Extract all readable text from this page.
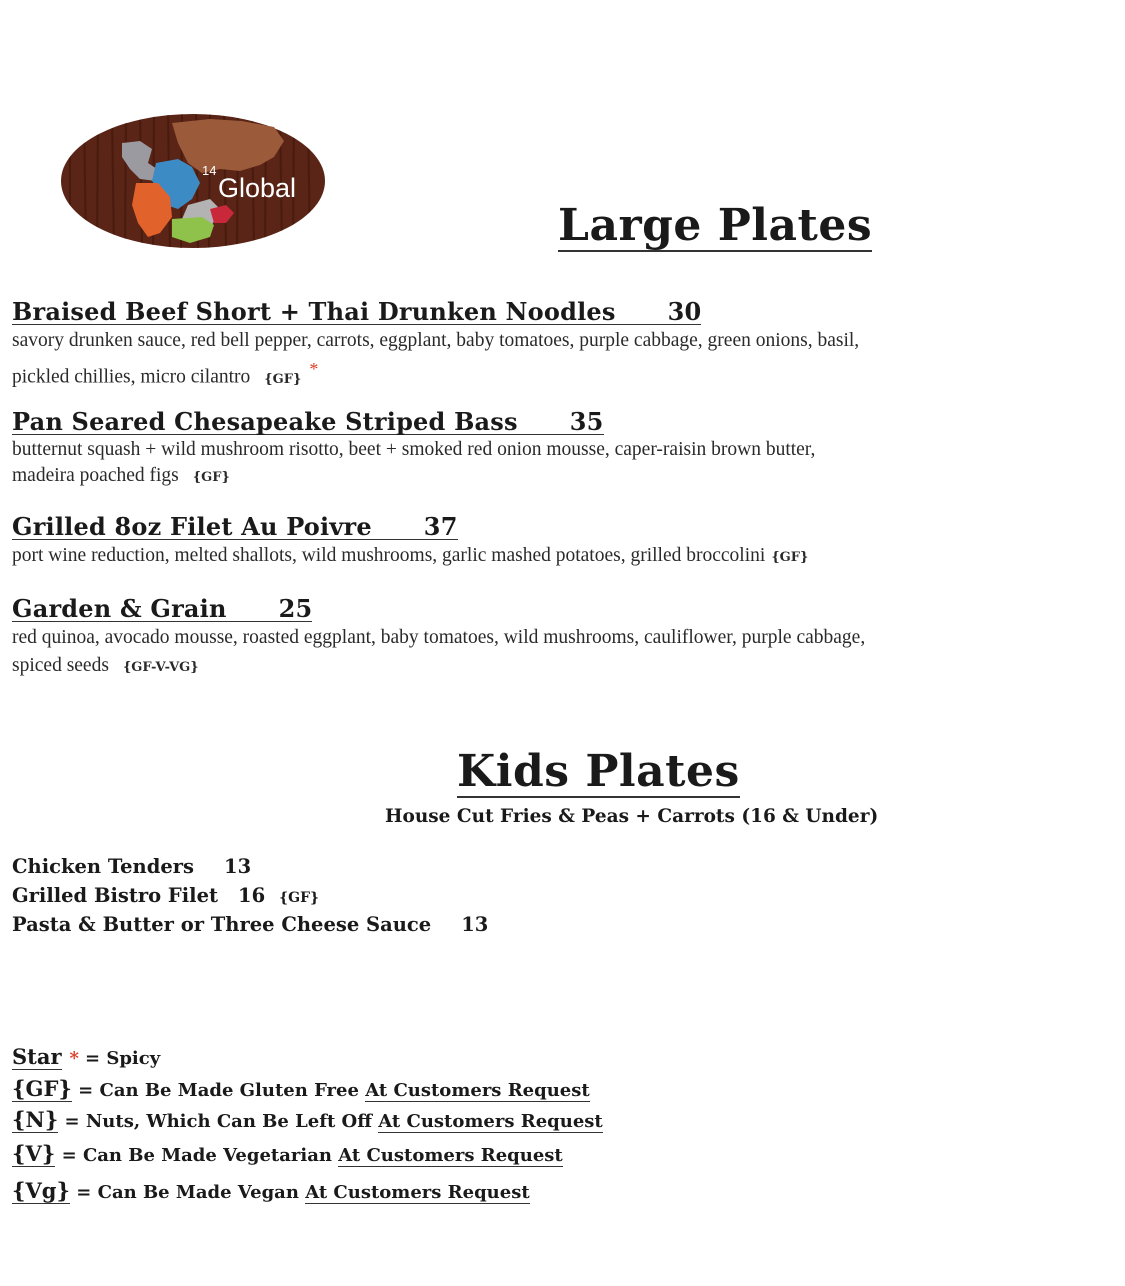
14
Global
Large Plates
Braised Beef Short + Thai Drunken Noodles 30
savory drunken sauce, red bell pepper, carrots, eggplant, baby tomatoes, purple cabbage, green onions, basil,
pickled chillies, micro cilantro {GF} *
Pan Seared Chesapeake Striped Bass 35
butternut squash + wild mushroom risotto, beet + smoked red onion mousse, caper-raisin brown butter,
madeira poached figs {GF}
Grilled 8oz Filet Au Poivre 37
port wine reduction, melted shallots, wild mushrooms, garlic mashed potatoes, grilled broccolini {GF}
Garden & Grain 25
red quinoa, avocado mousse, roasted eggplant, baby tomatoes, wild mushrooms, cauliflower, purple cabbage,
spiced seeds {GF-V-VG}
Kids Plates
House Cut Fries & Peas + Carrots (16 & Under)
Chicken Tenders 13
Grilled Bistro Filet 16 {GF}
Pasta & Butter or Three Cheese Sauce 13
Star * = Spicy
{GF} = Can Be Made Gluten Free At Customers Request
{N} = Nuts, Which Can Be Left Off At Customers Request
{V} = Can Be Made Vegetarian At Customers Request
{Vg} = Can Be Made Vegan At Customers Request
